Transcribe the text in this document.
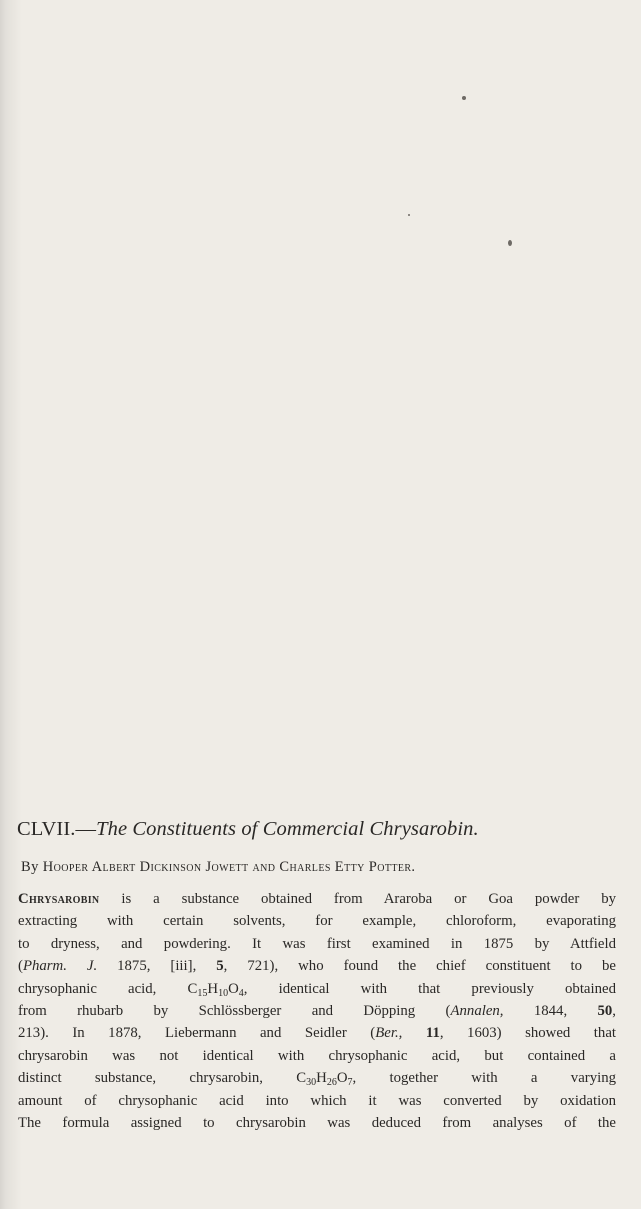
CLVII.—The Constituents of Commercial Chrysarobin.
By Hooper Albert Dickinson Jowett and Charles Etty Potter.
Chrysarobin is a substance obtained from Araroba or Goa powder by
extracting with certain solvents, for example, chloroform, evaporating
to dryness, and powdering. It was first examined in 1875 by Attfield
(Pharm. J. 1875, [iii], 5, 721), who found the chief constituent to be
chrysophanic acid, $C_{15}H_{10}O_4$, identical with that previously obtained
from rhubarb by Schlössberger and Döpping (Annalen, 1844, 50,
213). In 1878, Liebermann and Seidler (Ber., 11, 1603) showed that
chrysarobin was not identical with chrysophanic acid, but contained a
distinct substance, chrysarobin, $C_{30}H_{26}O_7$, together with a varying
amount of chrysophanic acid into which it was converted by oxidation
The formula assigned to chrysarobin was deduced from analyses of the
